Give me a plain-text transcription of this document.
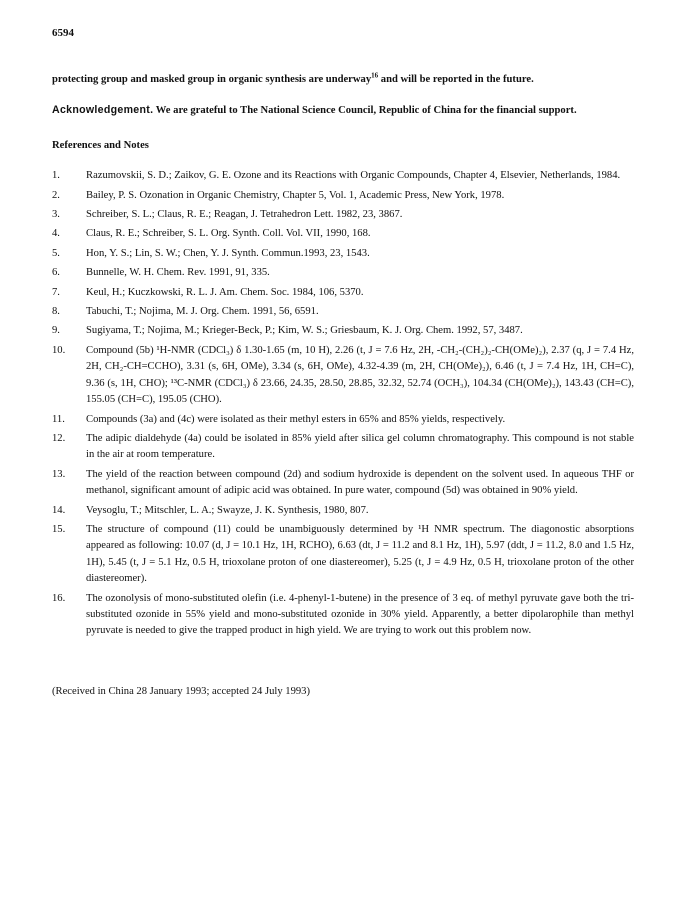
6594

protecting group and masked group in organic synthesis are underway$^{16}$ and will be reported in the future.

Acknowledgement. We are grateful to The National Science Council, Republic of China for the financial support.

References and Notes
1.	Razumovskii, S. D.; Zaikov, G. E. Ozone and its Reactions with Organic Compounds, Chapter 4, Elsevier, Netherlands, 1984.
2.	Bailey, P. S. Ozonation in Organic Chemistry, Chapter 5, Vol. 1, Academic Press, New York, 1978.
3.	Schreiber, S. L.; Claus, R. E.; Reagan, J. Tetrahedron Lett. 1982, 23, 3867.
4.	Claus, R. E.; Schreiber, S. L. Org. Synth. Coll. Vol. VII, 1990, 168.
5.	Hon, Y. S.; Lin, S. W.; Chen, Y. J. Synth. Commun.1993, 23, 1543.
6.	Bunnelle, W. H. Chem. Rev. 1991, 91, 335.
7.	Keul, H.; Kuczkowski, R. L. J. Am. Chem. Soc. 1984, 106, 5370.
8.	Tabuchi, T.; Nojima, M. J. Org. Chem. 1991, 56, 6591.
9.	Sugiyama, T.; Nojima, M.; Krieger-Beck, P.; Kim, W. S.; Griesbaum, K. J. Org. Chem. 1992, 57, 3487.
10.	Compound (5b) ¹H-NMR (CDCl₃) δ 1.30-1.65 (m, 10 H), 2.26 (t, J = 7.6 Hz, 2H, -CH₂-(CH₂)₂-CH(OMe)₂), 2.37 (q, J = 7.4 Hz, 2H, CH₂-CH=CCHO), 3.31 (s, 6H, OMe), 3.34 (s, 6H, OMe), 4.32-4.39 (m, 2H, CH(OMe)₂), 6.46 (t, J = 7.4 Hz, 1H, CH=C), 9.36 (s, 1H, CHO); ¹³C-NMR (CDCl₃) δ 23.66, 24.35, 28.50, 28.85, 32.32, 52.74 (OCH₃), 104.34 (CH(OMe)₂), 143.43 (CH=C), 155.05 (CH=C), 195.05 (CHO).
11.	Compounds (3a) and (4c) were isolated as their methyl esters in 65% and 85% yields, respectively.
12.	The adipic dialdehyde (4a) could be isolated in 85% yield after silica gel column chromatography. This compound is not stable in the air at room temperature.
13.	The yield of the reaction between compound (2d) and sodium hydroxide is dependent on the solvent used. In aqueous THF or methanol, significant amount of adipic acid was obtained. In pure water, compound (5d) was obtained in 90% yield.
14.	Veysoglu, T.; Mitschler, L. A.; Swayze, J. K. Synthesis, 1980, 807.
15.	The structure of compound (11) could be unambiguously determined by ¹H NMR spectrum. The diagonostic absorptions appeared as following: 10.07 (d, J = 10.1 Hz, 1H, RCHO), 6.63 (dt, J = 11.2 and 8.1 Hz, 1H), 5.97 (ddt, J = 11.2, 8.0 and 1.5 Hz, 1H), 5.45 (t, J = 5.1 Hz, 0.5 H, trioxolane proton of one diastereomer), 5.25 (t, J = 4.9 Hz, 0.5 H, trioxolane proton of the other diastereomer).
16.	The ozonolysis of mono-substituted olefin (i.e. 4-phenyl-1-butene) in the presence of 3 eq. of methyl pyruvate gave both the tri-substituted ozonide in 55% yield and mono-substituted ozonide in 30% yield. Apparently, a better dipolarophile than methyl pyruvate is needed to give the trapped product in high yield. We are trying to work out this problem now.
(Received in China 28 January 1993; accepted 24 July 1993)
